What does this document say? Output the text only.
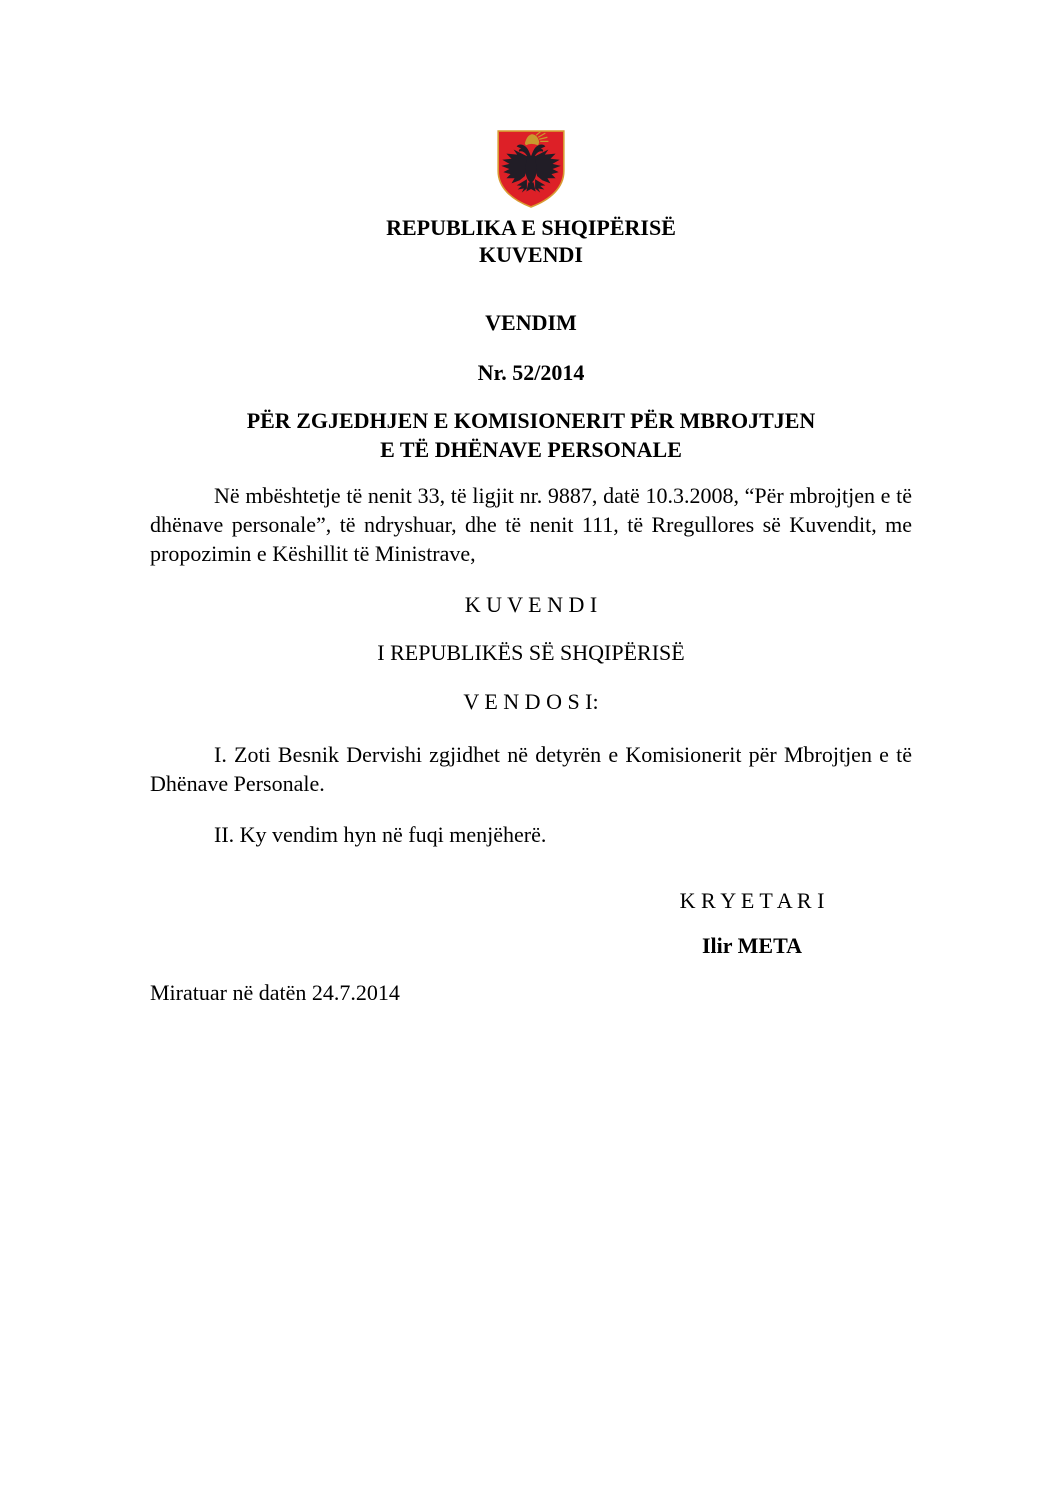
REPUBLIKA E SHQIPËRISË
KUVENDI
VENDIM
Nr. 52/2014
PËR ZGJEDHJEN E KOMISIONERIT PËR MBROJTJEN
E TË DHËNAVE PERSONALE

Në mbështetje të nenit 33, të ligjit nr. 9887, datë 10.3.2008, “Për mbrojtjen e të dhënave personale”, të ndryshuar, dhe të nenit 111, të Rregullores së Kuvendit, me propozimin e Këshillit të Ministrave,

K U V E N D I
I REPUBLIKËS SË SHQIPËRISË
V E N D O S I:

I. Zoti Besnik Dervishi zgjidhet në detyrën e Komisionerit për Mbrojtjen e të Dhënave Personale.

II. Ky vendim hyn në fuqi menjëherë.

K R Y E T A R I
Ilir META
Miratuar në datën 24.7.2014
